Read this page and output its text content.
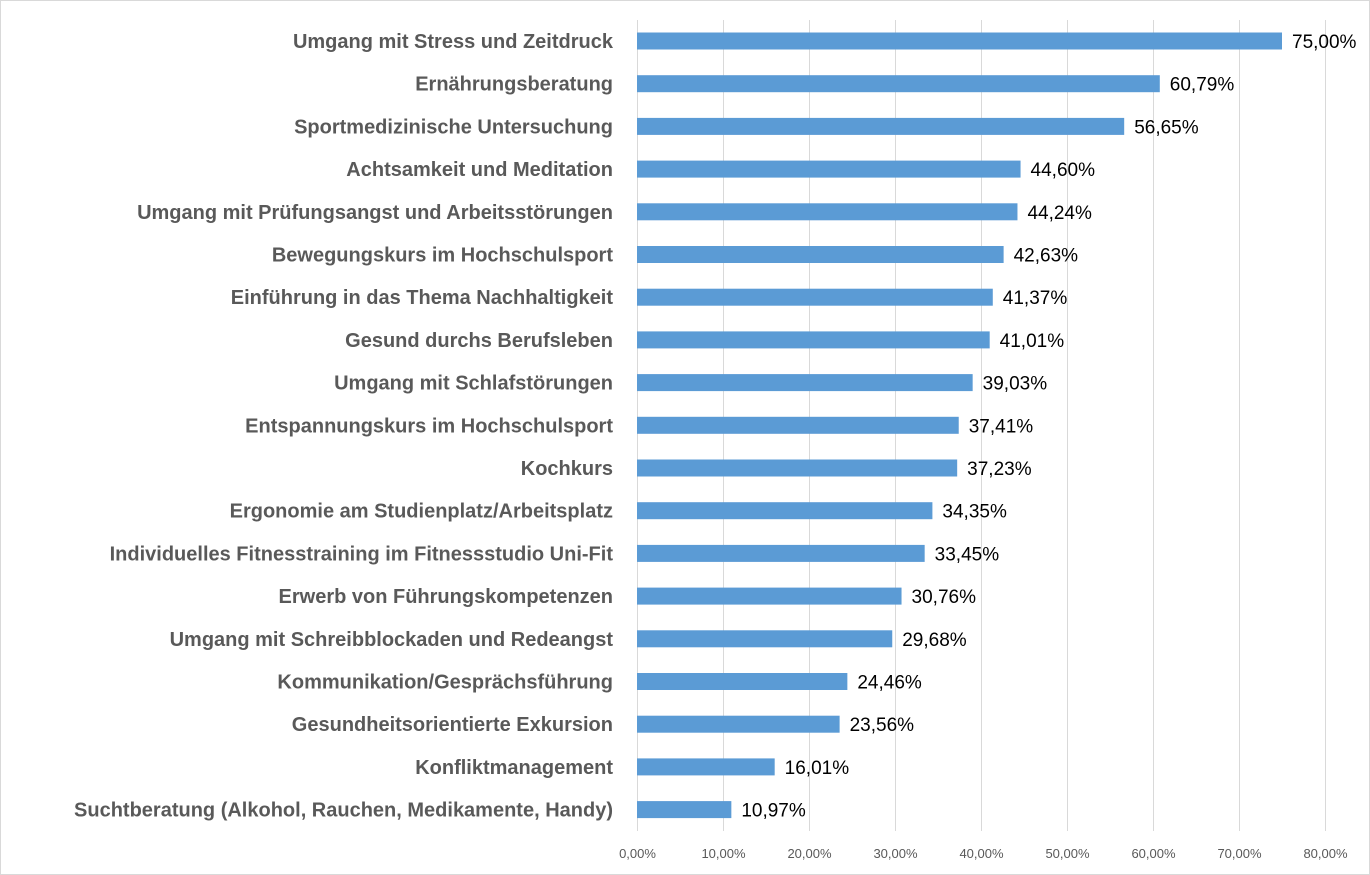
Umgang mit Stress und Zeitdruck
Ernährungsberatung
Sportmedizinische Untersuchung
Achtsamkeit und Meditation
Umgang mit Prüfungsangst und Arbeitsstörungen
Bewegungskurs im Hochschulsport
Einführung in das Thema Nachhaltigkeit
Gesund durchs Berufsleben
Umgang mit Schlafstörungen
Entspannungskurs im Hochschulsport
Kochkurs
Ergonomie am Studienplatz/Arbeitsplatz
Individuelles Fitnesstraining im Fitnessstudio Uni-Fit
Erwerb von Führungskompetenzen
Umgang mit Schreibblockaden und Redeangst
Kommunikation/Gesprächsführung
Gesundheitsorientierte Exkursion
Konfliktmanagement
Suchtberatung (Alkohol, Rauchen, Medikamente, Handy)
75,00%
60,79%
56,65%
44,60%
44,24%
42,63%
41,37%
41,01%
39,03%
37,41%
37,23%
34,35%
33,45%
30,76%
29,68%
24,46%
23,56%
16,01%
10,97%
0,00%	10,00%	20,00%	30,00%	40,00%	50,00%	60,00%	70,00%	80,00%
